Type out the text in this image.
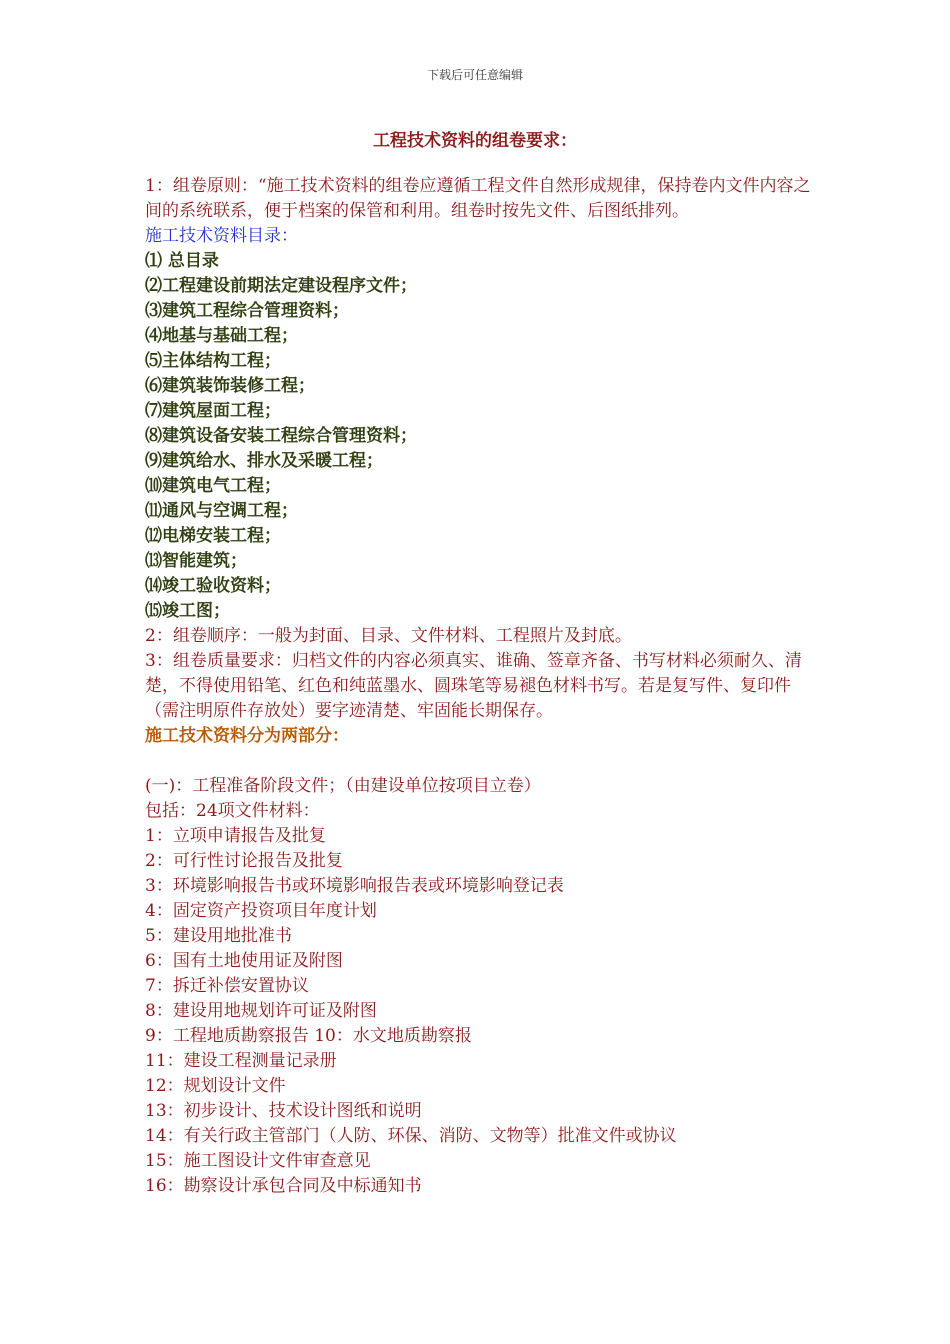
下载后可任意编辑
工程技术资料的组卷要求：

1：组卷原则：“施工技术资料的组卷应遵循工程文件自然形成规律，保持卷内文件内容之间的系统联系，便于档案的保管和利用。组卷时按先文件、后图纸排列。

施工技术资料目录：

⑴ 总目录

⑵工程建设前期法定建设程序文件；

⑶建筑工程综合管理资料；

⑷地基与基础工程；

⑸主体结构工程；

⑹建筑装饰装修工程；

⑺建筑屋面工程；

⑻建筑设备安装工程综合管理资料；

⑼建筑给水、排水及采暖工程；

⑽建筑电气工程；

⑾通风与空调工程；

⑿电梯安装工程；

⒀智能建筑；

⒁竣工验收资料；

⒂竣工图；

2：组卷顺序：一般为封面、目录、文件材料、工程照片及封底。

3：组卷质量要求：归档文件的内容必须真实、谁确、签章齐备、书写材料必须耐久、清楚，不得使用铅笔、红色和纯蓝墨水、圆珠笔等易褪色材料书写。若是复写件、复印件（需注明原件存放处）要字迹清楚、牢固能长期保存。

施工技术资料分为两部分：

(一)：工程准备阶段文件；（由建设单位按项目立卷）

包括：24项文件材料：

1：立项申请报告及批复

2：可行性讨论报告及批复

3：环境影响报告书或环境影响报告表或环境影响登记表

4：固定资产投资项目年度计划

5：建设用地批准书

6：国有土地使用证及附图

7：拆迁补偿安置协议

8：建设用地规划许可证及附图

9：工程地质勘察报告 10：水文地质勘察报

11：建设工程测量记录册

12：规划设计文件

13：初步设计、技术设计图纸和说明

14：有关行政主管部门（人防、环保、消防、文物等）批准文件或协议

15：施工图设计文件审查意见

16：勘察设计承包合同及中标通知书
